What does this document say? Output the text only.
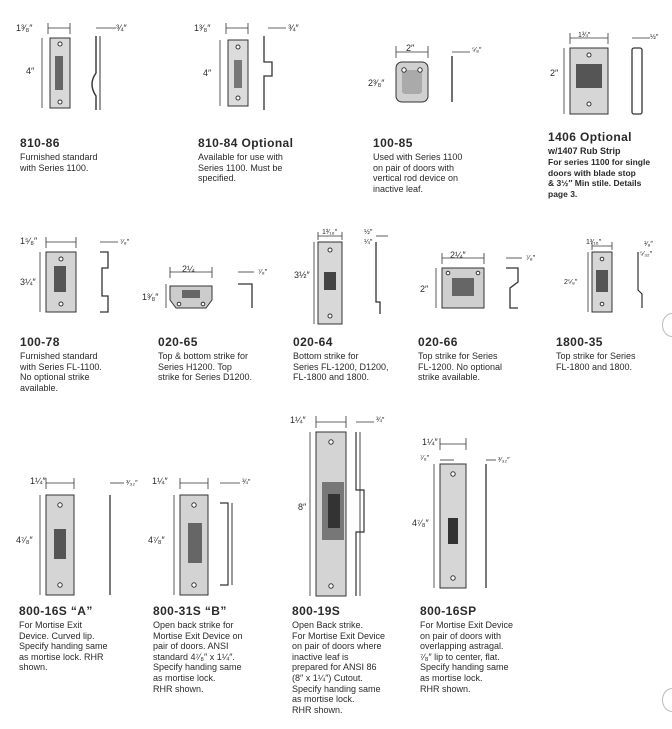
1³⁄₈″	¾″
4″

810-86

Furnished standard

with Series 1100.

1³⁄₈″	¾″
4″

810-84 Optional

Available for use with

Series 1100. Must be

specified.

2″	⁵⁄₈″
2³⁄₈″

100-85

Used with Series 1100

on pair of doors with

vertical rod device on

inactive leaf.

1¾″	½″
2″

1406 Optional

w/1407 Rub Strip

For series 1100 for single

doors with blade stop

& 3½″ Min stile. Details

page 3.

1⁵⁄₈″	⁷⁄₈″
3¼″

100-78

Furnished standard

with Series FL-1100.

No optional strike

available.

2¼	⁷⁄₈″
1³⁄₈″

020-65

Top & bottom strike for

Series H1200. Top

strike for Series D1200.

1³⁄₁₆″	½″
¼″
3½″

020-64

Bottom strike for

Series FL-1200, D1200,

FL-1800 and 1800.

2¼″	⁷⁄₈″
2″

020-66

Top strike for Series

FL-1200. No optional

strike available.

1³⁄₁₆″	¹⁄₈″
⁵⁄₃₂″
2⁵⁄₈″

1800-35

Top strike for Series

FL-1800 and 1800.

1¼″	³⁄₃₂″
4⁷⁄₈″

800-16S “A”

For Mortise Exit

Device. Curved lip.

Specify handing same

as mortise lock. RHR

shown.

1¼″	¾″
4⁷⁄₈″

800-31S “B”

Open back strike for

Mortise Exit Device on

pair of doors. ANSI

standard 4⁷⁄₈″ x 1¼″.

Specify handing same

as mortise lock.

RHR shown.

1¼″	¾″
8″

800-19S

Open Back strike.

For Mortise Exit Device

on pair of doors where

inactive leaf is

prepared for ANSI 86

(8″ x 1¼″) Cutout.

Specify handing same

as mortise lock.

RHR shown.

1¼″
⁷⁄₈″	³⁄₃₂″
4⁷⁄₈″

800-16SP

For Mortise Exit Device

on pair of doors with

overlapping astragal.

⁷⁄₈″ lip to center, flat.

Specify handing same

as mortise lock.

RHR shown.
